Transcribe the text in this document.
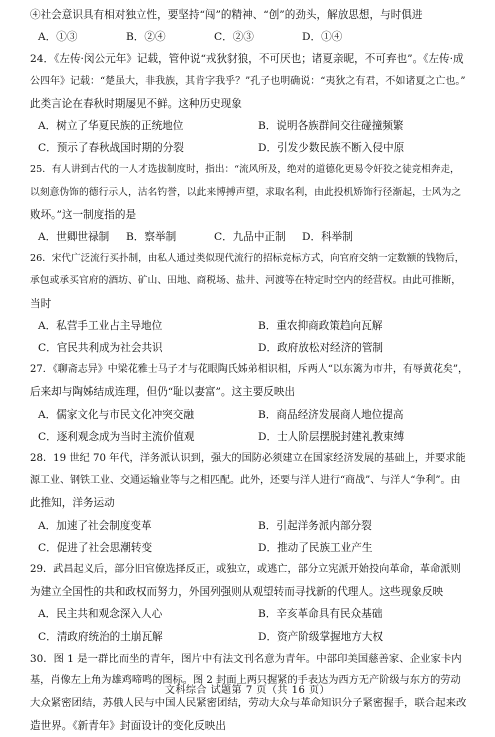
④社会意识具有相对独立性，要坚持“闯”的精神、“创”的劲头，解放思想，与时俱进
A．①③	B．②④	C．②③	D．①④
24．《左传·闵公元年》记载，管仲说“戎狄豺狼，不可厌也；诸夏亲昵，不可弃也”。《左传·成
公四年》记载：“楚虽大，非我族，其肯字我乎？”孔子也明确说：“夷狄之有君，不如诸夏之亡也。”
此类言论在春秋时期屡见不鲜。这种历史现象
A．树立了华夏民族的正统地位	B．说明各族群间交往碰撞频繁
C．预示了春秋战国时期的分裂	D．引发少数民族不断入侵中原
25．有人讲到古代的一人才选拔制度时，指出：“流风所及，绝对的道德化更易令奸狡之徒竞相奔走，
以刻意伪饰的德行示人，沽名钓誉，以此来博搏声望，求取名利，由此投机矫饰行径渐起，士风为之
败坏。”这一制度指的是
A．世卿世禄制	B．察举制	C．九品中正制	D．科举制
26．宋代广泛流行买扑制，由私人通过类似现代流行的招标竞标方式，向官府交纳一定数额的钱物后，
承包或承买官府的酒坊、矿山、田地、商税场、盐井、河渡等在特定时空内的经营权。由此可推断，
当时
A．私营手工业占主导地位	B．重农抑商政策趋向瓦解
C．官民共利成为社会共识	D．政府放松对经济的管制
27．《聊斋志异》中梁花雅士马子才与花眼陶氏姊弟相识相，斥两人“以东篱为市井，有辱黄花矣”，
后来却与陶姊结成连理，但仍“耻以妻富”。这主要反映出
A．儒家文化与市民文化冲突交融	B．商品经济发展商人地位提高
C．逐利观念成为当时主流价值观	D．士人阶层摆脱封建礼教束缚
28．19 世纪 70 年代，洋务派认识到，强大的国防必须建立在国家经济发展的基础上，并要求能
源工业、钢铁工业、交通运输业等与之相匹配。此外，还要与洋人进行“商战”、与洋人“争利”。由
此推知，洋务运动
A．加速了社会制度变革	B．引起洋务派内部分裂
C．促进了社会思潮转变	D．推动了民族工业产生
29．武昌起义后，部分旧官僚选择反正，或独立，或逃亡，部分立宪派开始投向革命，革命派则
为建立全国性的共和政权而努力，外国列强则从观望转而寻找新的代理人。这些现象反映
A．民主共和观念深入人心	B．辛亥革命具有民众基础
C．清政府统治的土崩瓦解	D．资产阶级掌握地方大权
30．图 1 是一群比而坐的青年，图片中有法文刊名意为青年。中部印美国慈善家、企业家卡内
基，肖像左上角为雄鸡啼鸣的图标。图 2 封面上两只握紧的手表达为西方无产阶级与东方的劳动
大众紧密团结，苏俄人民与中国人民紧密团结，劳动大众与革命知识分子紧密握手，联合起来改
造世界。《新青年》封面设计的变化反映出
文科综合 试题第 7 页（共 16 页）
